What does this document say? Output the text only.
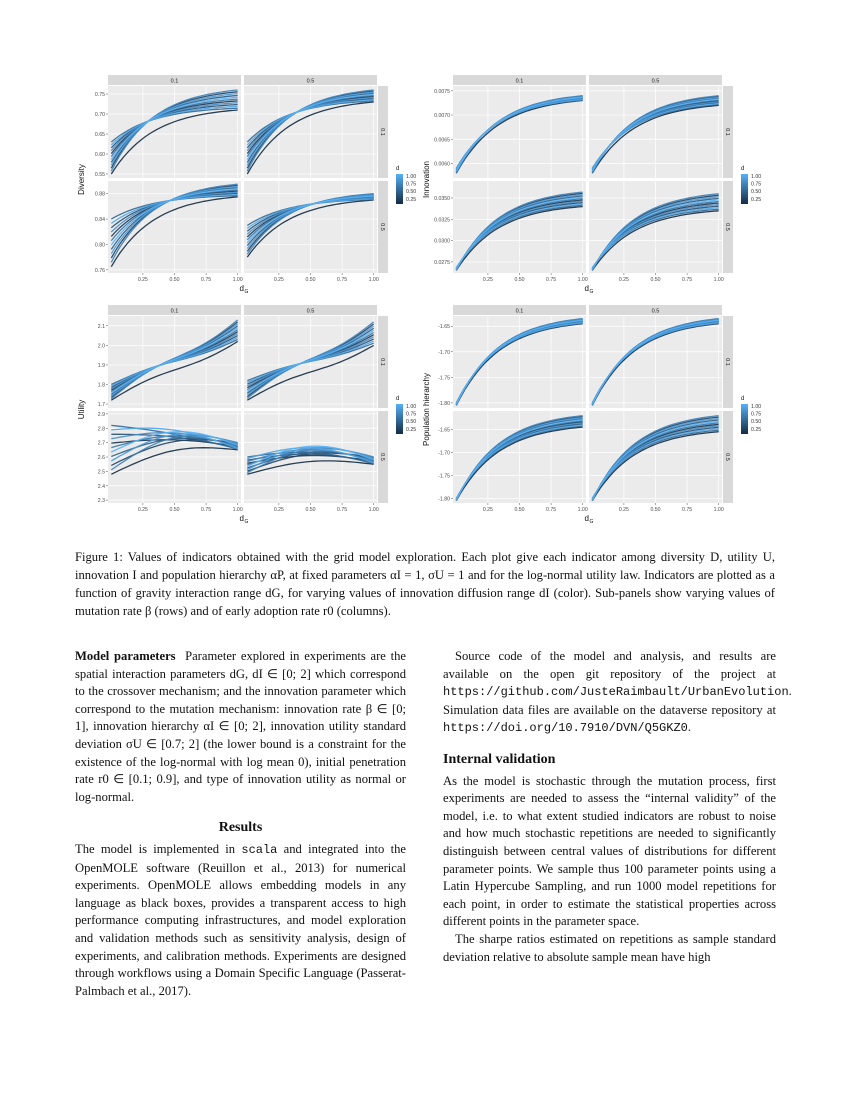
0.1	0.5
0.1
0.5
Diversity
d G
0.55
0.60
0.65
0.70
0.75
0.76
0.80
0.84
0.88
0.25	0.50	0.75	1.00	0.25	0.50	0.75	1.00
d
1.00
0.75
0.50
0.25
0.1	0.5
0.1
0.5
Innovation
d G
0.0060
0.0065
0.0070
0.0075
0.0275
0.0300
0.0325
0.0350
0.25	0.50	0.75	1.00	0.25	0.50	0.75	1.00
d
1.00
0.75
0.50
0.25
0.1	0.5
0.1
0.5
Utility
d G
1.7
1.8
1.9
2.0
2.1
2.3
2.4
2.5
2.6
2.7
2.8
2.9
0.25	0.50	0.75	1.00	0.25	0.50	0.75	1.00
d
1.00
0.75
0.50
0.25
0.1	0.5
0.1
0.5
Population hierarchy
d G
-1.65
-1.70
-1.75
-1.80
-1.65
-1.70
-1.75
-1.80
0.25	0.50	0.75	1.00	0.25	0.50	0.75	1.00
d
1.00
0.75
0.50
0.25
Figure 1: Values of indicators obtained with the grid model exploration. Each plot give each indicator among diversity D, utility U, innovation I and population hierarchy αP, at fixed parameters αI = 1, σU = 1 and for the log-normal utility law. Indicators are plotted as a function of gravity interaction range dG, for varying values of innovation diffusion range dI (color). Sub-panels show varying values of mutation rate β (rows) and of early adoption rate r0 (columns).

Model parameters Parameter explored in experiments are the spatial interaction parameters dG, dI ∈ [0; 2] which correspond to the crossover mechanism; and the innovation parameter which correspond to the mutation mechanism: innovation rate β ∈ [0; 1], innovation hierarchy αI ∈ [0; 2], innovation utility standard deviation σU ∈ [0.7; 2] (the lower bound is a constraint for the existence of the log-normal with log mean 0), initial penetration rate r0 ∈ [0.1; 0.9], and type of innovation utility as normal or log-normal.

Results

The model is implemented in scala and integrated into the OpenMOLE software (Reuillon et al., 2013) for numerical experiments. OpenMOLE allows embedding models in any language as black boxes, provides a transparent access to high performance computing infrastructures, and model exploration and validation methods such as sensitivity analysis, design of experiments, and calibration methods. Experiments are designed through workflows using a Domain Specific Language (Passerat-Palmbach et al., 2017).

Source code of the model and analysis, and results are available on the open git repository of the project at https://github.com/JusteRaimbault/UrbanEvolution. Simulation data files are available on the dataverse repository at https://doi.org/10.7910/DVN/Q5GKZ0.

Internal validation

As the model is stochastic through the mutation process, first experiments are needed to assess the “internal validity” of the model, i.e. to what extent studied indicators are robust to noise and how much stochastic repetitions are needed to significantly distinguish between central values of distributions for different parameter points. We sample thus 100 parameter points using a Latin Hypercube Sampling, and run 1000 model repetitions for each point, in order to estimate the statistical properties across different points in the parameter space.

The sharpe ratios estimated on repetitions as sample standard deviation relative to absolute sample mean have high
